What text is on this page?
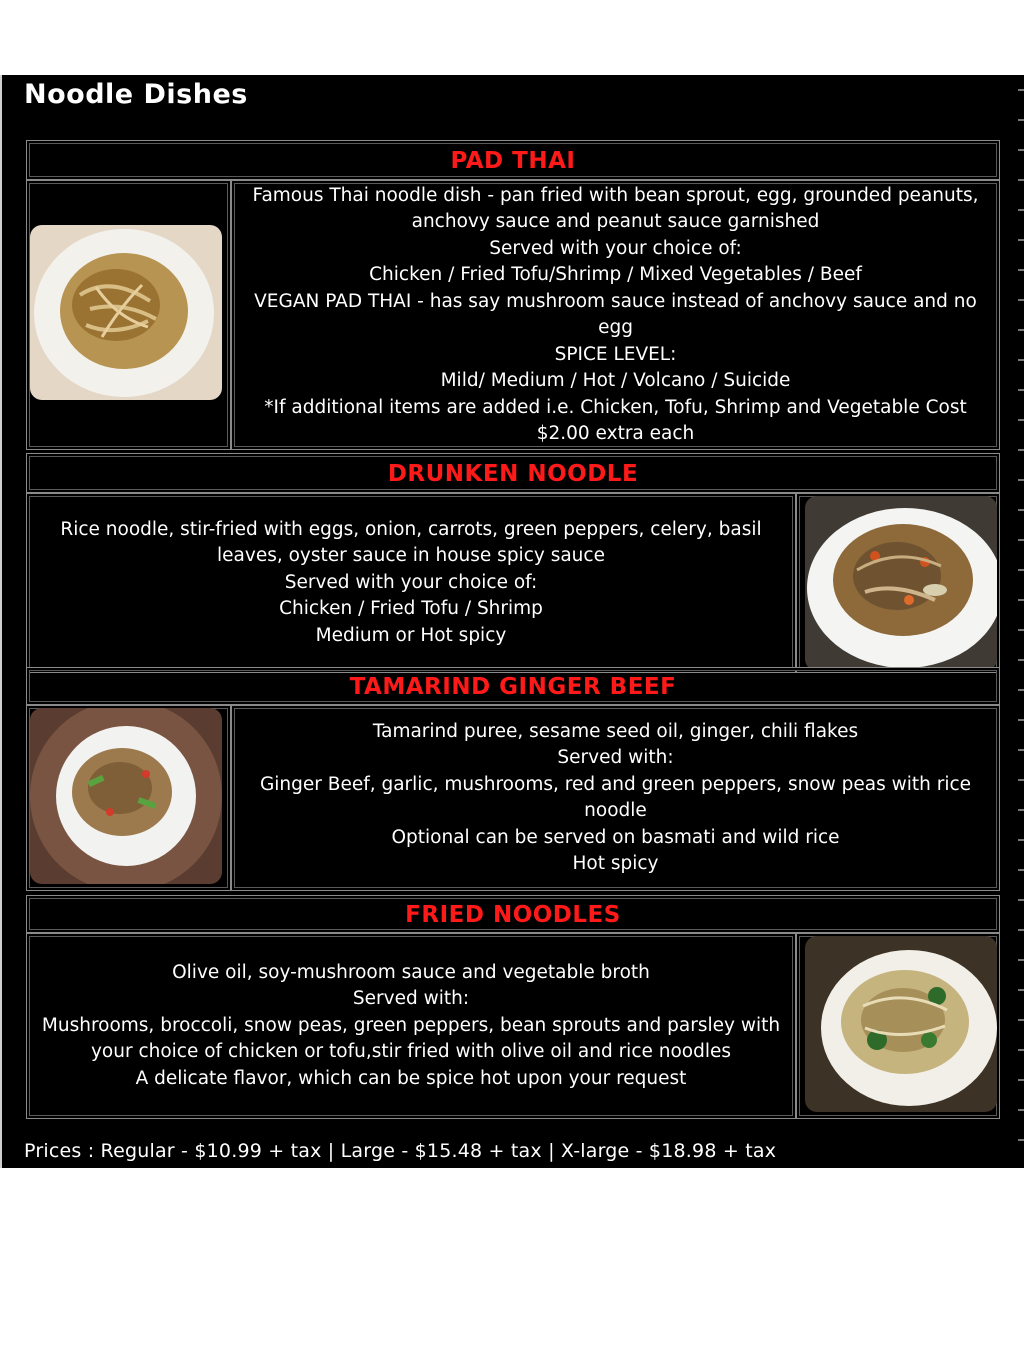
Noodle Dishes
PAD THAI
Famous Thai noodle dish - pan fried with bean sprout, egg, grounded peanuts, anchovy sauce and peanut sauce garnished
Served with your choice of:
Chicken / Fried Tofu/Shrimp / Mixed Vegetables / Beef
VEGAN PAD THAI - has say mushroom sauce instead of anchovy sauce and no egg
SPICE LEVEL:
Mild/ Medium / Hot / Volcano / Suicide
*If additional items are added i.e. Chicken, Tofu, Shrimp and Vegetable Cost $2.00 extra each
DRUNKEN NOODLE
Rice noodle, stir-fried with eggs, onion, carrots, green peppers, celery, basil leaves, oyster sauce in house spicy sauce
Served with your choice of:
Chicken / Fried Tofu / Shrimp
Medium or Hot spicy
TAMARIND GINGER BEEF
Tamarind puree, sesame seed oil, ginger, chili flakes
Served with:
Ginger Beef, garlic, mushrooms, red and green peppers, snow peas with rice noodle
Optional can be served on basmati and wild rice
Hot spicy
FRIED NOODLES
Olive oil, soy-mushroom sauce and vegetable broth
Served with:
Mushrooms, broccoli, snow peas, green peppers, bean sprouts and parsley with your choice of chicken or tofu,stir fried with olive oil and rice noodles
A delicate flavor, which can be spice hot upon your request
Prices : Regular - $10.99 + tax | Large - $15.48 + tax | X-large - $18.98 + tax
